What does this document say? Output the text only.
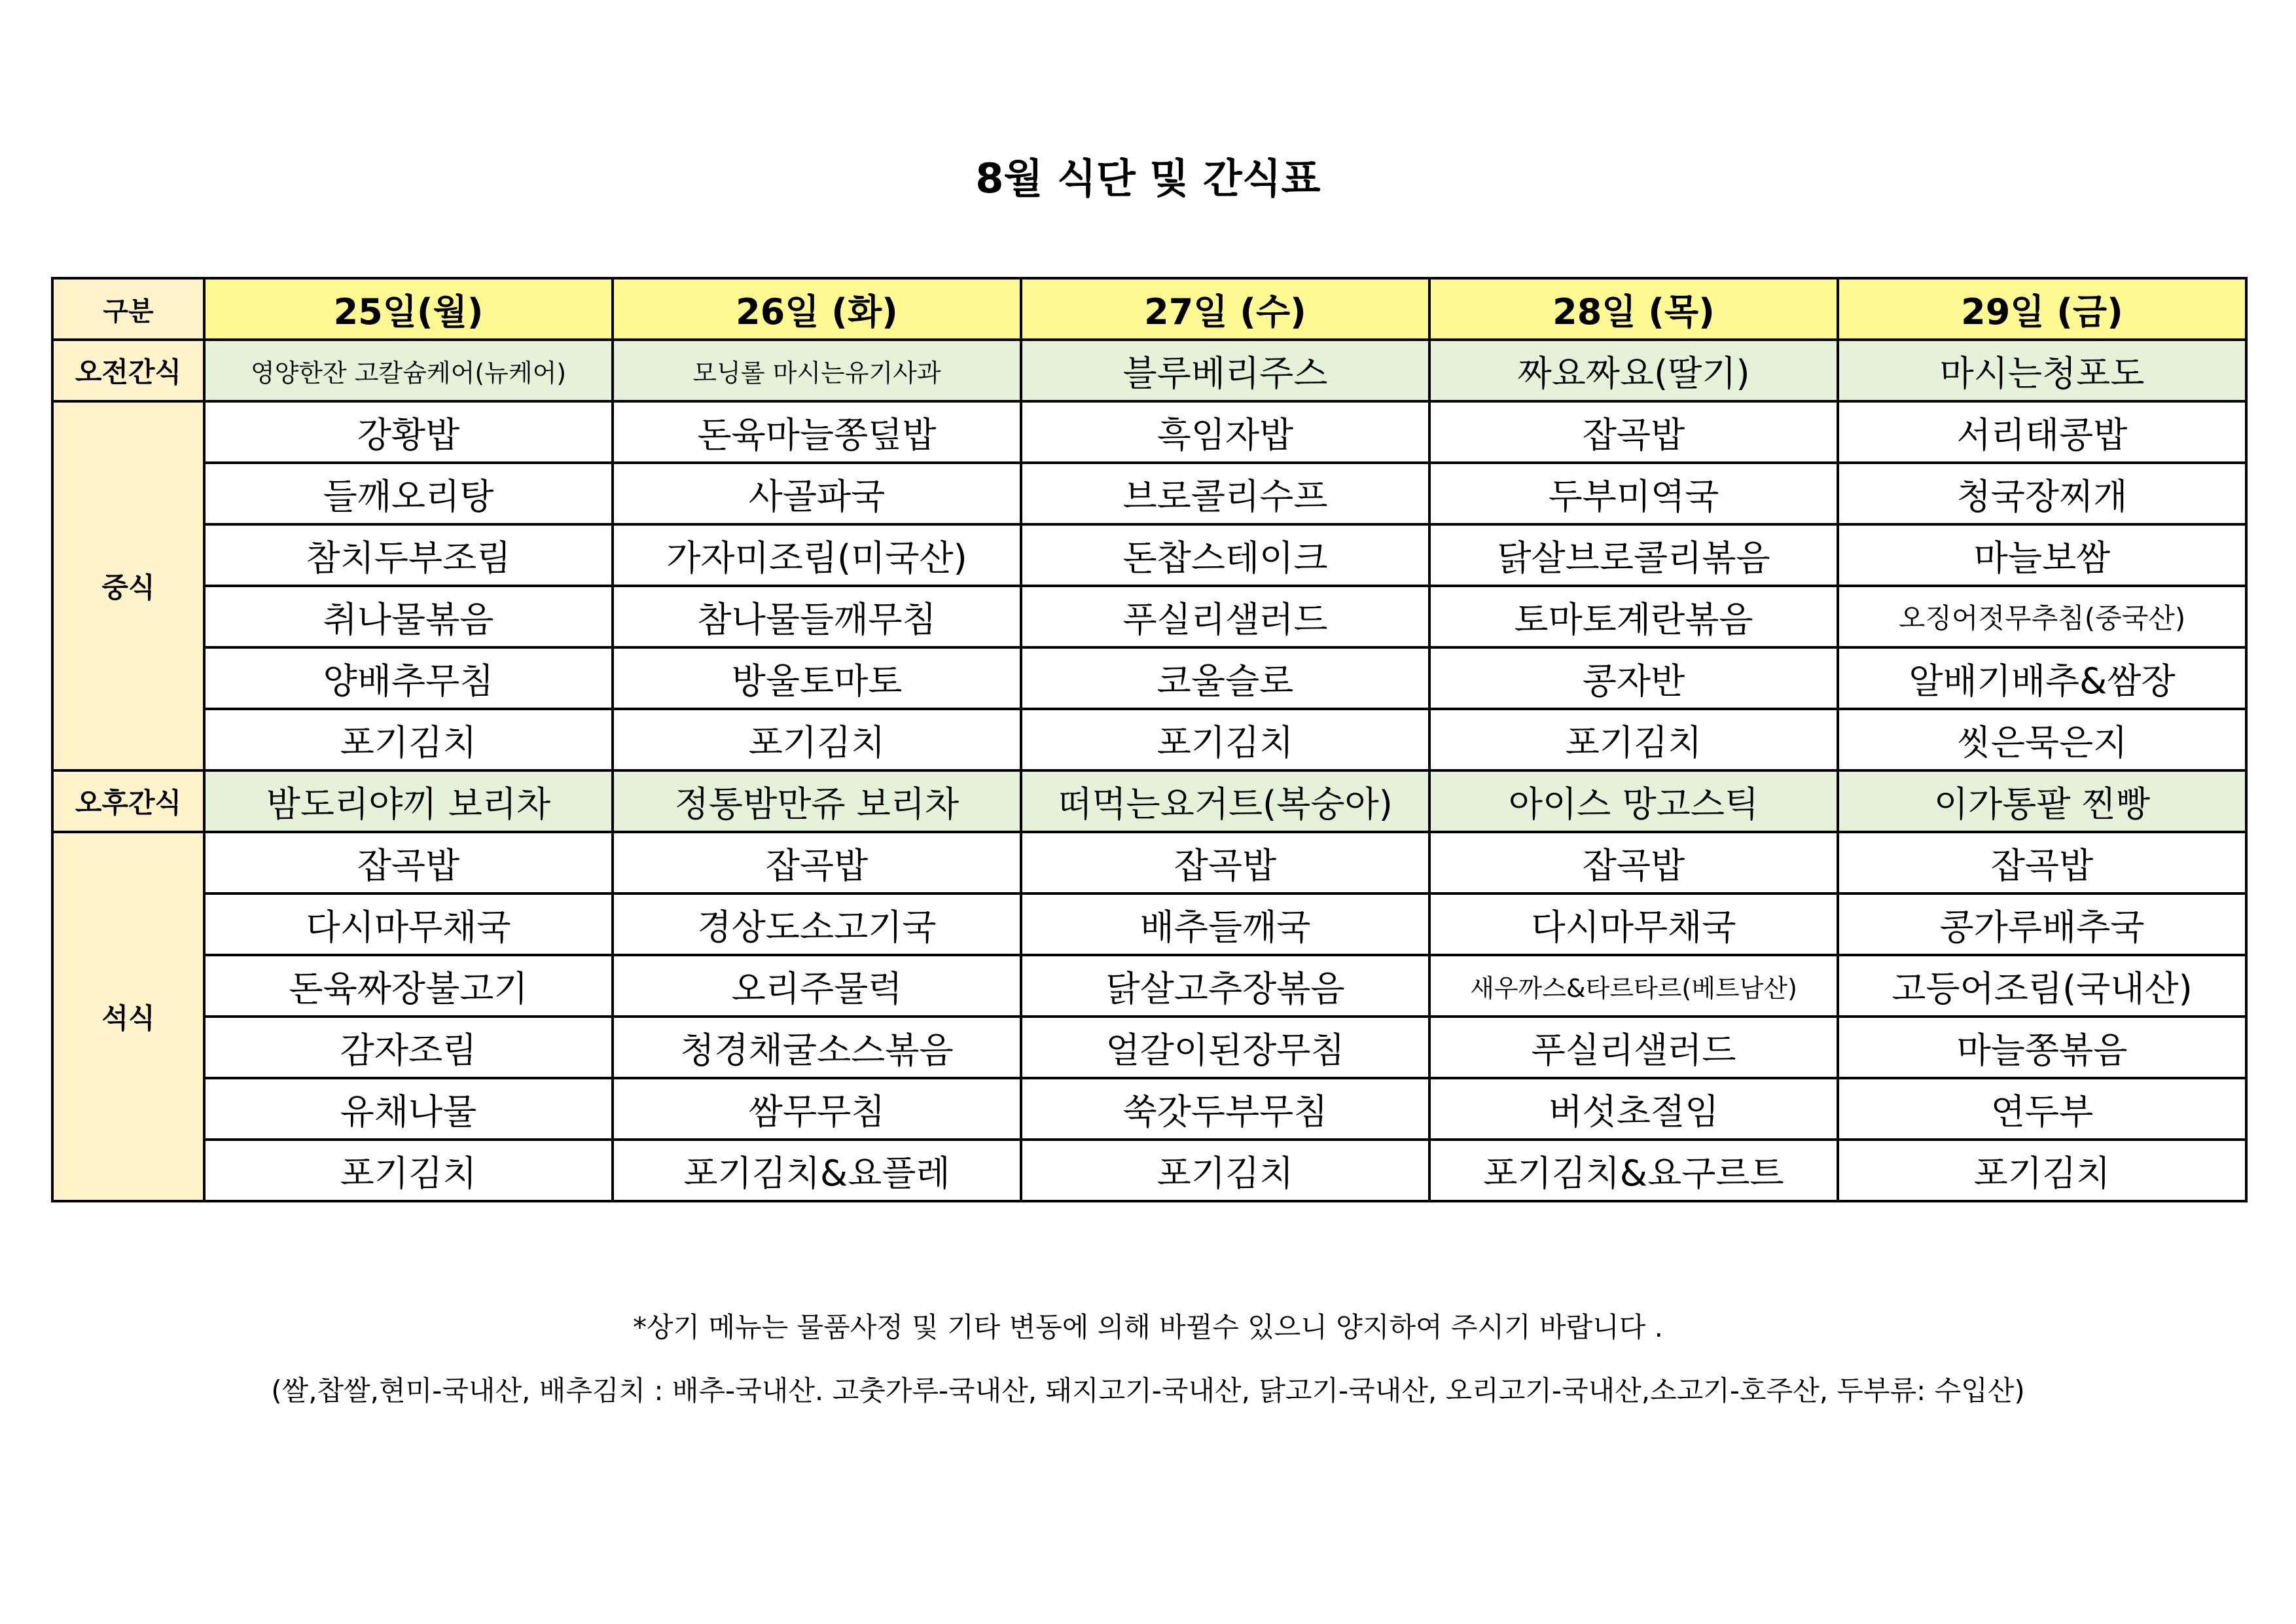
8월 식단 및 간식표
구분	25일(월)	26일 (화)	27일 (수)	28일 (목)	29일 (금)
오전간식	영양한잔 고칼슘케어(뉴케어)	모닝롤 마시는유기사과	블루베리주스	짜요짜요(딸기)	마시는청포도
중식	강황밥	돈육마늘쫑덮밥	흑임자밥	잡곡밥	서리태콩밥
	들깨오리탕	사골파국	브로콜리수프	두부미역국	청국장찌개
	참치두부조림	가자미조림(미국산)	돈찹스테이크	닭살브로콜리볶음	마늘보쌈
	취나물볶음	참나물들깨무침	푸실리샐러드	토마토계란볶음	오징어젓무추침(중국산)
	양배추무침	방울토마토	코울슬로	콩자반	알배기배추&쌈장
	포기김치	포기김치	포기김치	포기김치	씻은묵은지
오후간식	밤도리야끼 보리차	정통밤만쥬 보리차	떠먹는요거트(복숭아)	아이스 망고스틱	이가통팥 찐빵
석식	잡곡밥	잡곡밥	잡곡밥	잡곡밥	잡곡밥
	다시마무채국	경상도소고기국	배추들깨국	다시마무채국	콩가루배추국
	돈육짜장불고기	오리주물럭	닭살고추장볶음	새우까스&타르타르(베트남산)	고등어조림(국내산)
	감자조림	청경채굴소스볶음	얼갈이된장무침	푸실리샐러드	마늘쫑볶음
	유채나물	쌈무무침	쑥갓두부무침	버섯초절임	연두부
	포기김치	포기김치&요플레	포기김치	포기김치&요구르트	포기김치
*상기 메뉴는 물품사정 및 기타 변동에 의해 바뀔수 있으니 양지하여 주시기 바랍니다 .
(쌀,찹쌀,현미-국내산, 배추김치 : 배추-국내산. 고춧가루-국내산, 돼지고기-국내산, 닭고기-국내산, 오리고기-국내산,소고기-호주산, 두부류: 수입산)
